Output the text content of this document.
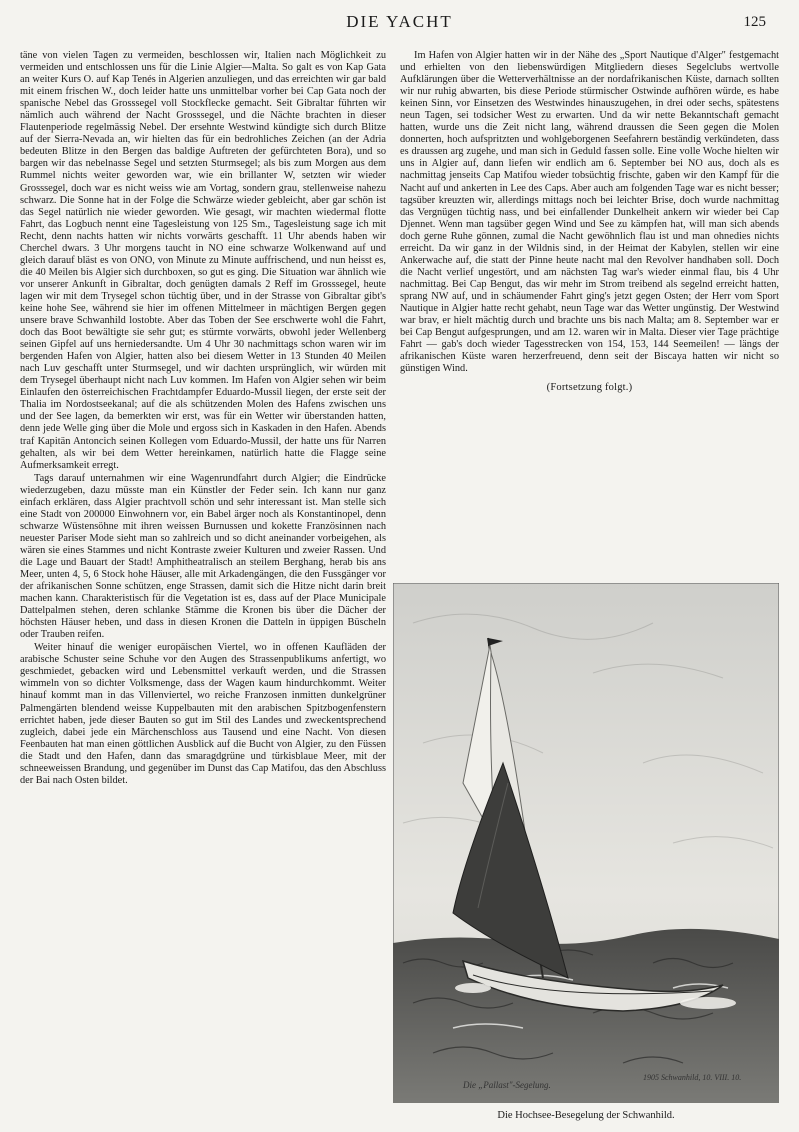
DIE YACHT	125

täne von vielen Tagen zu vermeiden, beschlossen wir, Italien nach Möglichkeit zu vermeiden und entschlossen uns für die Linie Algier—Malta. So galt es von Kap Gata an weiter Kurs O. auf Kap Tenés in Algerien anzuliegen, und das erreichten wir gar bald mit einem frischen W., doch leider hatte uns unmittelbar vorher bei Cap Gata noch der spanische Nebel das Grosssegel voll Stockflecke gemacht. Seit Gibraltar führten wir nämlich auch während der Nacht Grosssegel, und die Nächte brachten in dieser Flautenperiode regelmässig Nebel. Der ersehnte Westwind kündigte sich durch Blitze auf der Sierra-Nevada an, wir hielten das für ein bedrohliches Zeichen (an der Adria bedeuten Blitze in den Bergen das baldige Auftreten der gefürchteten Bora), und so bargen wir das nebelnasse Segel und setzten Sturmsegel; als bis zum Morgen aus dem Rummel nichts weiter geworden war, wie ein brillanter W, setzten wir wieder Grosssegel, doch war es nicht weiss wie am Vortag, sondern grau, stellenweise nahezu schwarz. Die Sonne hat in der Folge die Schwärze wieder gebleicht, aber gar schön ist das Segel natürlich nie wieder geworden. Wie gesagt, wir machten wiedermal flotte Fahrt, das Logbuch nennt eine Tagesleistung von 125 Sm., Tagesleistung sage ich mit Recht, denn nachts hatten wir nichts vorwärts geschafft. 11 Uhr abends haben wir Cherchel dwars. 3 Uhr morgens taucht in NO eine schwarze Wolkenwand auf und gleich darauf bläst es von ONO, von Minute zu Minute auffrischend, und nun heisst es, die 40 Meilen bis Algier sich durchboxen, so gut es ging. Die Situation war ähnlich wie vor unserer Ankunft in Gibraltar, doch genügten damals 2 Reff im Grosssegel, heute lagen wir mit dem Trysegel schon tüchtig über, und in der Strasse von Gibraltar gibt's keine hohe See, während sie hier im offenen Mittelmeer in mächtigen Bergen gegen unsere brave Schwanhild lostobte. Aber das Toben der See erschwerte wohl die Fahrt, doch das Boot bewältigte sie sehr gut; es stürmte vorwärts, obwohl jeder Wellenberg seinen Gipfel auf uns herniedersandte. Um 4 Uhr 30 nachmittags schon waren wir im bergenden Hafen von Algier, hatten also bei diesem Wetter in 13 Stunden 40 Meilen nach Luv geschafft unter Sturmsegel, und wir dachten ursprünglich, wir würden mit dem Trysegel überhaupt nicht nach Luv kommen. Im Hafen von Algier sehen wir beim Einlaufen den österreichischen Frachtdampfer Eduardo-Mussil liegen, der erste seit der Thalia im Nordostseekanal; auf die als schützenden Molen des Hafens zwischen uns und der See lagen, da bemerkten wir erst, was für ein Wetter wir überstanden hatten, denn jede Welle ging über die Mole und ergoss sich in Kaskaden in den Hafen. Abends traf Kapitän Antoncich seinen Kollegen vom Eduardo-Mussil, der hatte uns für Narren gehalten, als wir bei dem Wetter hereinkamen, natürlich hatte die Flagge seine Aufmerksamkeit erregt.

Tags darauf unternahmen wir eine Wagenrundfahrt durch Algier; die Eindrücke wiederzugeben, dazu müsste man ein Künstler der Feder sein. Ich kann nur ganz einfach erklären, dass Algier prachtvoll schön und sehr interessant ist. Man stelle sich eine Stadt von 200000 Einwohnern vor, ein Babel ärger noch als Konstantinopel, denn schwarze Wüstensöhne mit ihren weissen Burnussen und kokette Französinnen nach neuester Pariser Mode sieht man so zahlreich und so dicht aneinander vorbeigehen, als wären sie eines Stammes und nicht Kontraste zweier Kulturen und zweier Rassen. Und die Lage und Bauart der Stadt! Amphitheatralisch an steilem Berghang, herab bis ans Meer, unten 4, 5, 6 Stock hohe Häuser, alle mit Arkadengängen, die den Fussgänger vor der afrikanischen Sonne schützen, enge Strassen, damit sich die Hitze nicht darin breit machen kann. Charakteristisch für die Vegetation ist es, dass auf der Place Municipale Dattelpalmen stehen, deren schlanke Stämme die Kronen bis über die Dächer der höchsten Häuser heben, und dass in diesen Kronen die Datteln in üppigen Büscheln oder Trauben reifen.

Weiter hinauf die weniger europäischen Viertel, wo in offenen Kaufläden der arabische Schuster seine Schuhe vor den Augen des Strassenpublikums anfertigt, wo geschmiedet, gebacken wird und Lebensmittel verkauft werden, und die Strassen wimmeln von so dichter Volksmenge, dass der Wagen kaum hindurchkommt. Weiter hinauf kommt man in das Villenviertel, wo reiche Franzosen inmitten dunkelgrüner Palmengärten blendend weisse Kuppelbauten mit den arabischen Spitzbogenfenstern errichtet haben, jede dieser Bauten so gut im Stil des Landes und zweckentsprechend zugleich, dabei jede ein Märchenschloss aus Tausend und eine Nacht. Von diesen Feenbauten hat man einen göttlichen Ausblick auf die Bucht von Algier, zu den Füssen die Stadt und den Hafen, dann das smaragdgrüne und türkisblaue Meer, mit der schneeweissen Brandung, und gegenüber im Dunst das Cap Matifou, das den Abschluss der Bai nach Osten bildet.

Im Hafen von Algier hatten wir in der Nähe des „Sport Nautique d'Alger" festgemacht und erhielten von den liebenswürdigen Mitgliedern dieses Segelclubs wertvolle Aufklärungen über die Wetterverhältnisse an der nordafrikanischen Küste, darnach sollten wir nur ruhig abwarten, bis diese Periode stürmischer Ostwinde aufhören würde, es habe keinen Sinn, vor Einsetzen des Westwindes hinauszugehen, in drei oder sechs, spätestens neun Tagen, sei todsicher West zu erwarten. Und da wir nette Bekanntschaft gemacht hatten, wurde uns die Zeit nicht lang, während draussen die Seen gegen die Molen donnerten, hoch aufspritzten und wohlgeborgenen Seefahrern beständig verkündeten, dass es draussen arg zugehe, und man sich in Geduld fassen solle. Eine volle Woche hielten wir uns in Algier auf, dann liefen wir endlich am 6. September bei NO aus, doch als es nachmittag jenseits Cap Matifou wieder tobsüchtig frischte, gaben wir den Kampf für die Nacht auf und ankerten in Lee des Caps. Aber auch am folgenden Tage war es nicht besser; tagsüber kreuzten wir, allerdings mittags noch bei leichter Brise, doch wurde nachmittag das Vergnügen tüchtig nass, und bei einfallender Dunkelheit ankern wir wieder bei Cap Djennet. Wenn man tagsüber gegen Wind und See zu kämpfen hat, will man sich abends doch gerne Ruhe gönnen, zumal die Nacht gewöhnlich flau ist und man ohnedies nichts erreicht. Da wir ganz in der Wildnis sind, in der Heimat der Kabylen, stellen wir eine Ankerwache auf, die statt der Pinne heute nacht mal den Revolver handhaben soll. Doch die Nacht verlief ungestört, und am nächsten Tag war's wieder einmal flau, bis 4 Uhr nachmittag. Bei Cap Bengut, das wir mehr im Strom treibend als segelnd erreicht hatten, sprang NW auf, und in schäumender Fahrt ging's jetzt gegen Osten; der Herr vom Sport Nautique in Algier hatte recht gehabt, neun Tage war das Wetter ungünstig. Der Westwind war brav, er hielt mächtig durch und brachte uns bis nach Malta; am 8. September war er bei Cap Bengut aufgesprungen, und am 12. waren wir in Malta. Dieser vier Tage prächtige Fahrt — gab's doch wieder Tagesstrecken von 154, 153, 144 Seemeilen! — längs der afrikanischen Küste waren herzerfreuend, denn seit der Biscaya hatten wir nicht so günstigen Wind.

(Fortsetzung folgt.)
Die „Pallast"-Segelung.
1905 Schwanhild, 10. VIII. 10.
Die Hochsee-Besegelung der Schwanhild.
